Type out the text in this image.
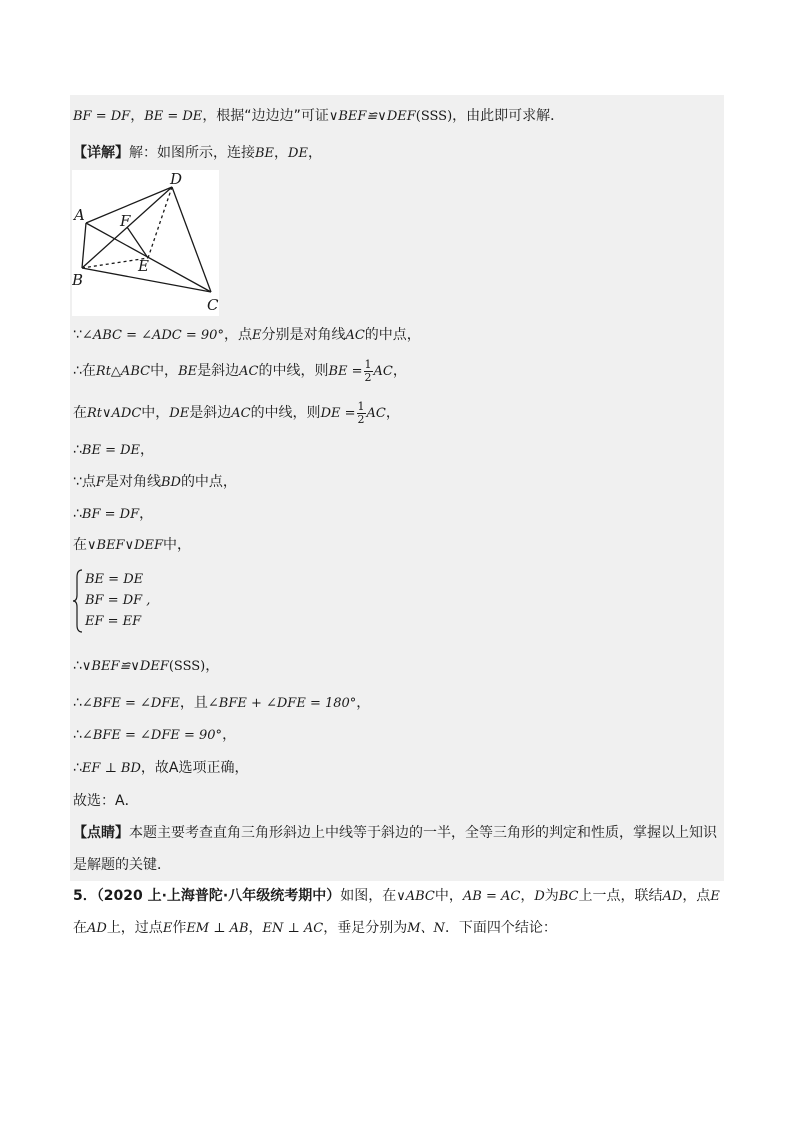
BF = DF，BE = DE，根据“边边边”可证∨BEF≌∨DEF(SSS)，由此即可求解．
【详解】解：如图所示，连接BE，DE，
D
A F
E
B
C
∵∠ABC = ∠ADC = 90°，点E分别是对角线AC的中点，
∴在Rt△ABC中，BE是斜边AC的中线，则BE = $\frac{1}{2}$ AC，
在Rt∨ADC中，DE是斜边AC的中线，则DE = $\frac{1}{2}$ AC，
∴BE = DE，
∵点F是对角线BD的中点，
∴BF = DF，
在∨BEF∨DEF中，
BE = DE
BF = DF ,
EF = EF
∴∨BEF≌∨DEF(SSS)，
∴∠BFE = ∠DFE，且∠BFE + ∠DFE = 180°，
∴∠BFE = ∠DFE = 90°，
∴EF ⊥ BD，故A选项正确，
故选：A．
【点睛】本题主要考查直角三角形斜边上中线等于斜边的一半，全等三角形的判定和性质，掌握以上知识
是解题的关键．
5．（2020 上·上海普陀·八年级统考期中）如图，在∨ABC中，AB = AC，D为BC上一点，联结AD，点E
在AD上，过点E作EM ⊥ AB，EN ⊥ AC，垂足分别为M、N．下面四个结论：
